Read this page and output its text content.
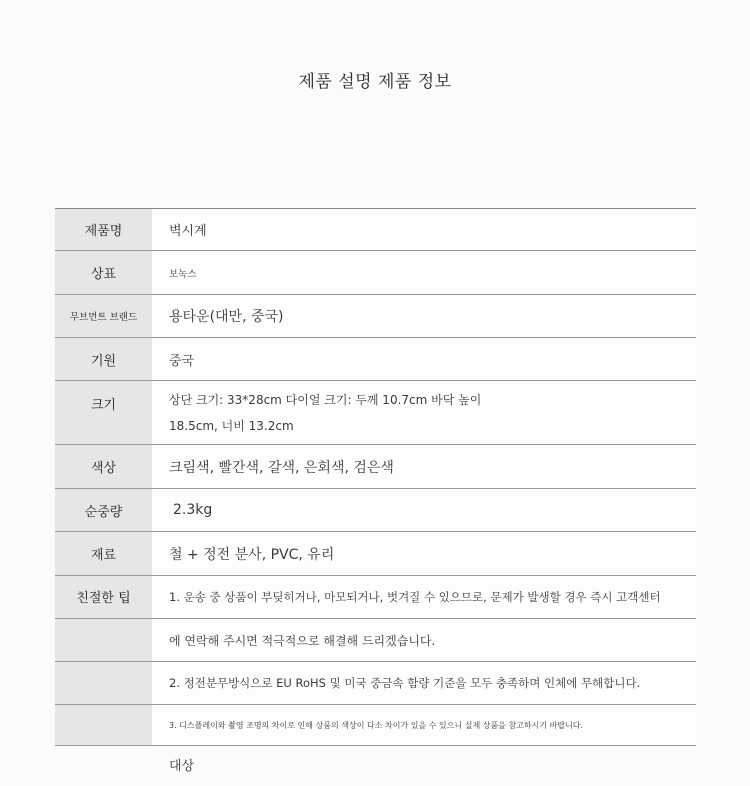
제품 설명 제품 정보
제품명	벽시계
상표	보녹스
무브먼트 브랜드	용타운(대만, 중국)
기원	중국
크기	상단 크기: 33*28cm 다이얼 크기: 두께 10.7cm 바닥 높이
18.5cm, 너비 13.2cm
색상	크림색, 빨간색, 갈색, 은회색, 검은색
순중량	2.3kg
재료	철 + 정전 분사, PVC, 유리
친절한 팁	1. 운송 중 상품이 부딪히거나, 마모되거나, 벗겨질 수 있으므로, 문제가 발생할 경우 즉시 고객센터
에 연락해 주시면 적극적으로 해결해 드리겠습니다.
2. 정전분무방식으로 EU RoHS 및 미국 중금속 함량 기준을 모두 충족하며 인체에 무해합니다.
3. 디스플레이와 촬영 조명의 차이로 인해 상품의 색상이 다소 차이가 있을 수 있으니 실제 상품을 참고하시기 바랍니다.
대상
